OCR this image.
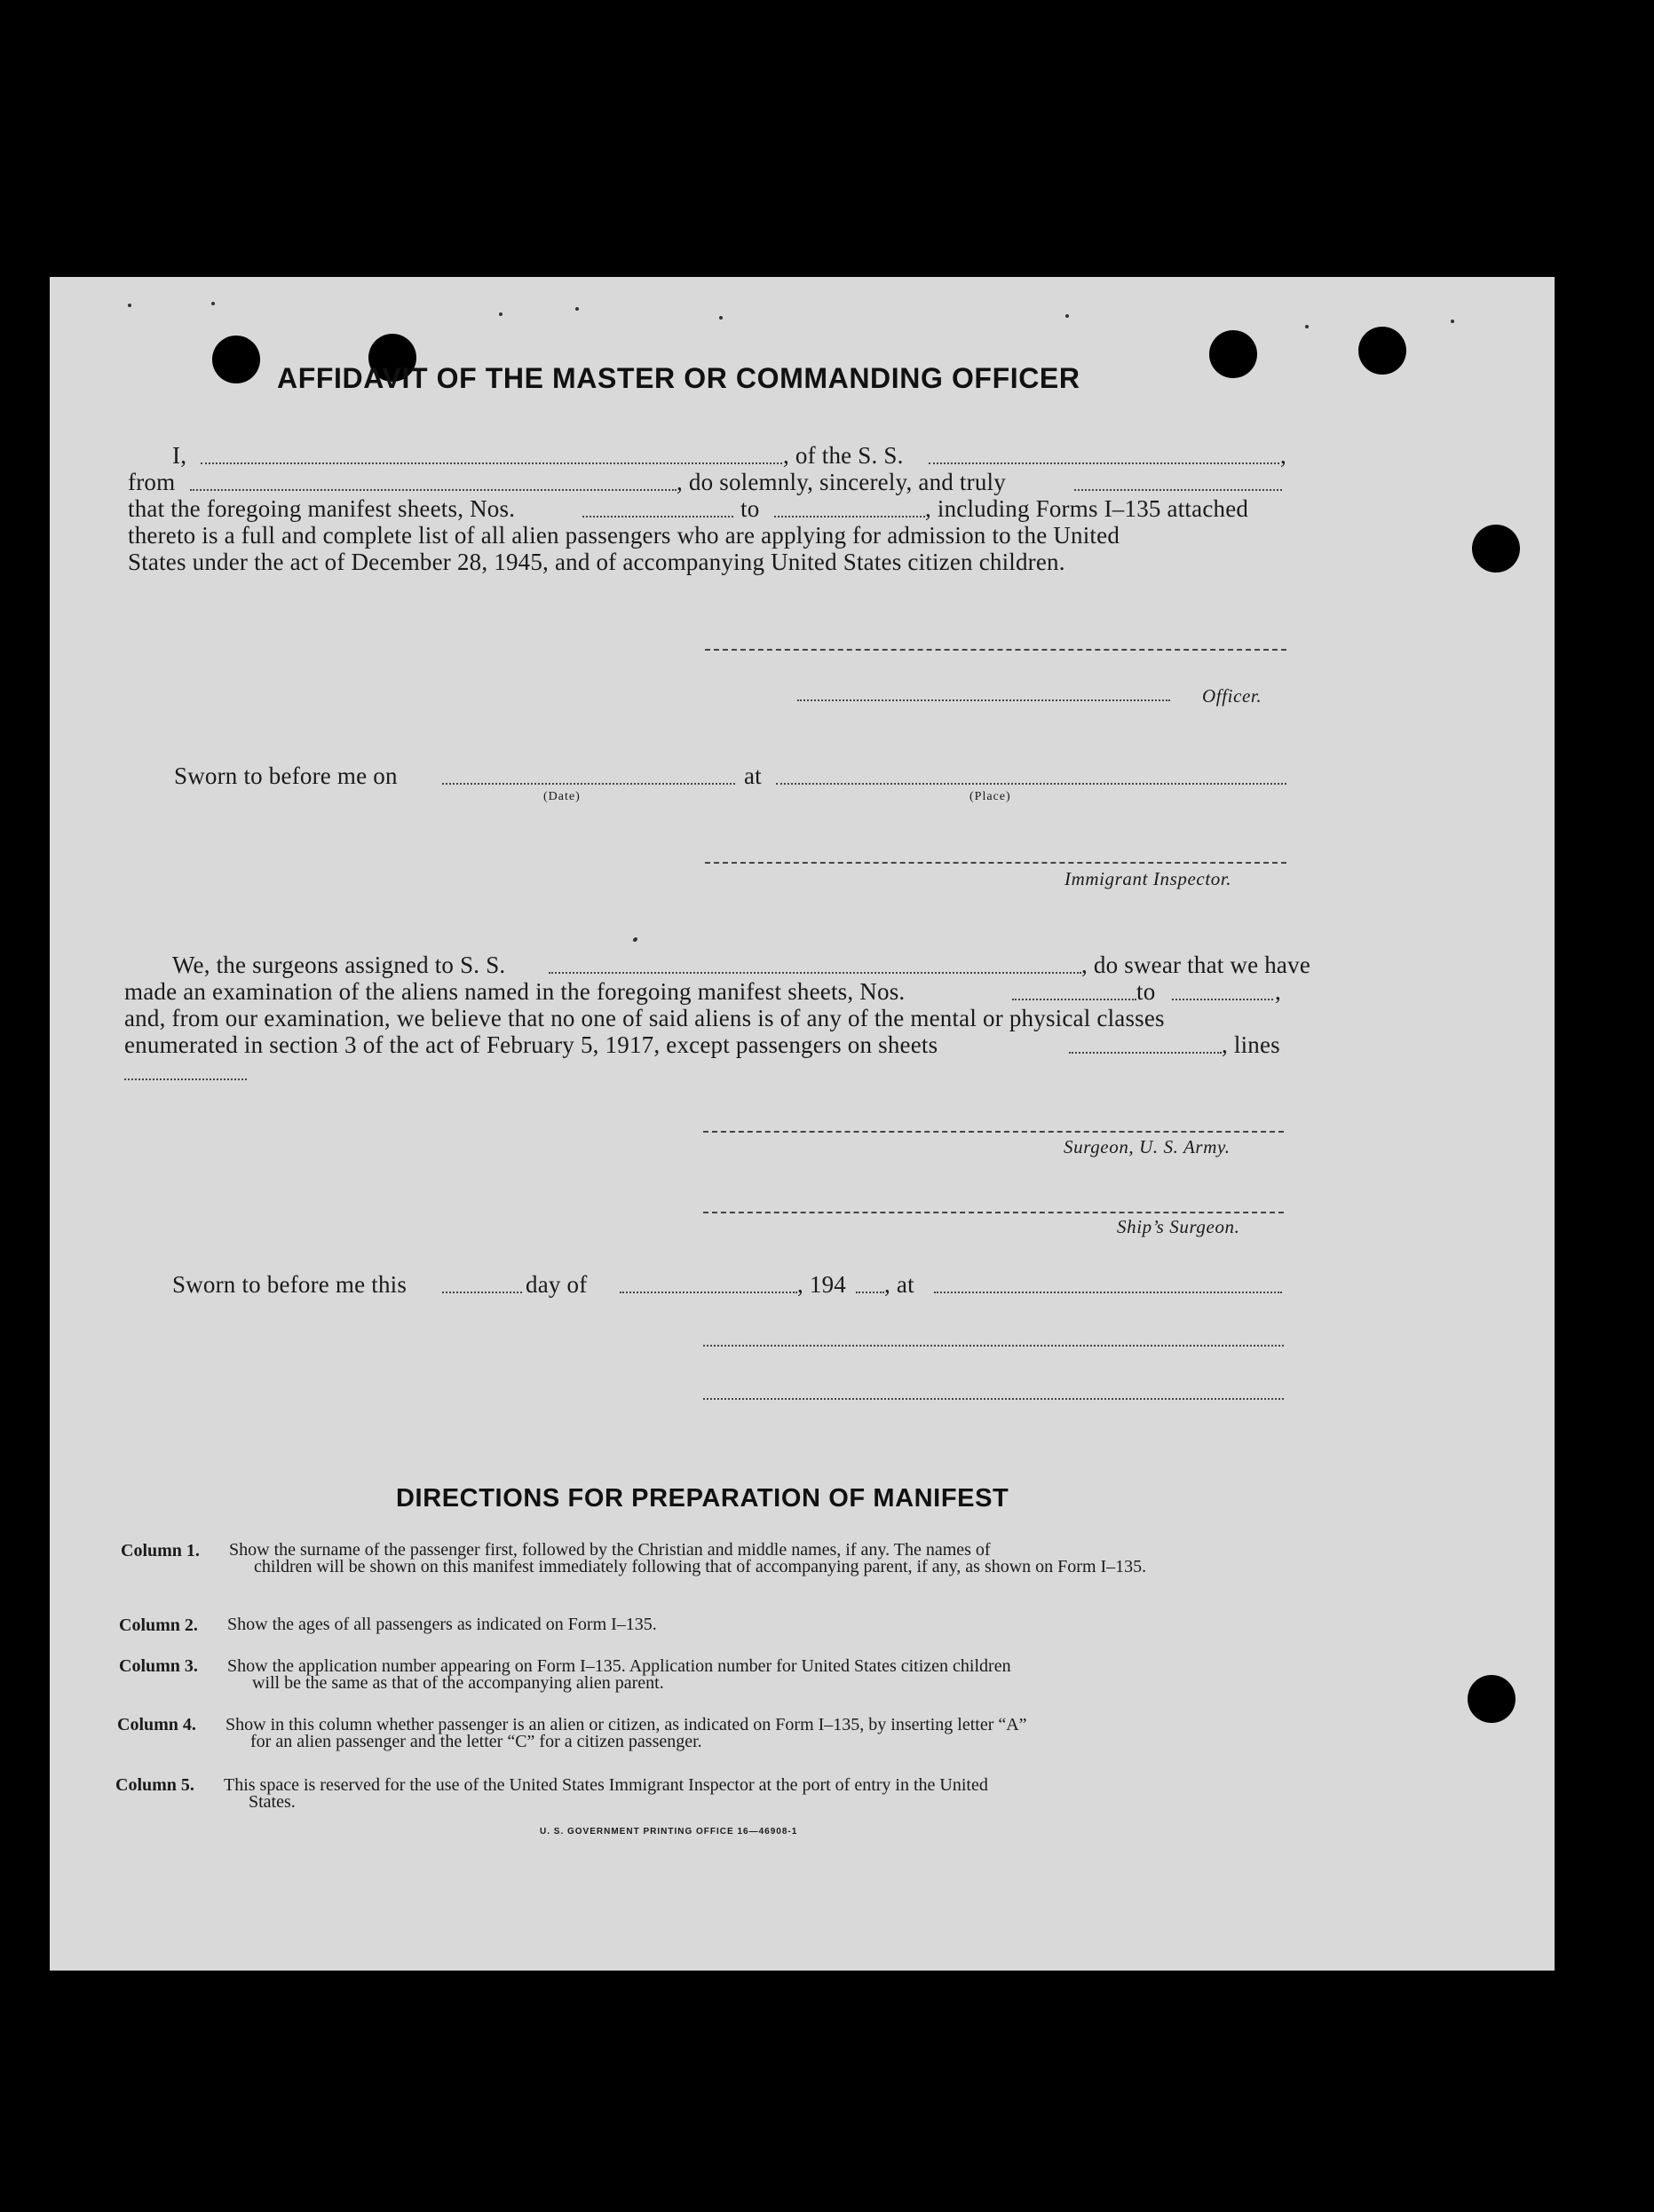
AFFIDAVIT OF THE MASTER OR COMMANDING OFFICER
I,	, of the S. S.	,
from	, do solemnly, sincerely, and truly
that the foregoing manifest sheets, Nos.	to	, including Forms I–135 attached
thereto is a full and complete list of all alien passengers who are applying for admission to the United
States under the act of December 28, 1945, and of accompanying United States citizen children.
Officer.
Sworn to before me on	at
(Date)	(Place)
Immigrant Inspector.
We, the surgeons assigned to S. S.	, do swear that we have
made an examination of the aliens named in the foregoing manifest sheets, Nos.	to	,
and, from our examination, we believe that no one of said aliens is of any of the mental or physical classes
enumerated in section 3 of the act of February 5, 1917, except passengers on sheets	, lines
Surgeon, U. S. Army.
Ship’s Surgeon.
Sworn to before me this	day of	, 194 , at
DIRECTIONS FOR PREPARATION OF MANIFEST
Column 1. Show the surname of the passenger first, followed by the Christian and middle names, if any. The names of
children will be shown on this manifest immediately following that of accompanying parent, if any, as shown on Form I–135.
Column 2. Show the ages of all passengers as indicated on Form I–135.
Column 3. Show the application number appearing on Form I–135. Application number for United States citizen children
will be the same as that of the accompanying alien parent.
Column 4. Show in this column whether passenger is an alien or citizen, as indicated on Form I–135, by inserting letter “A”
for an alien passenger and the letter “C” for a citizen passenger.
Column 5. This space is reserved for the use of the United States Immigrant Inspector at the port of entry in the United
States.
U. S. GOVERNMENT PRINTING OFFICE 16—46908-1
